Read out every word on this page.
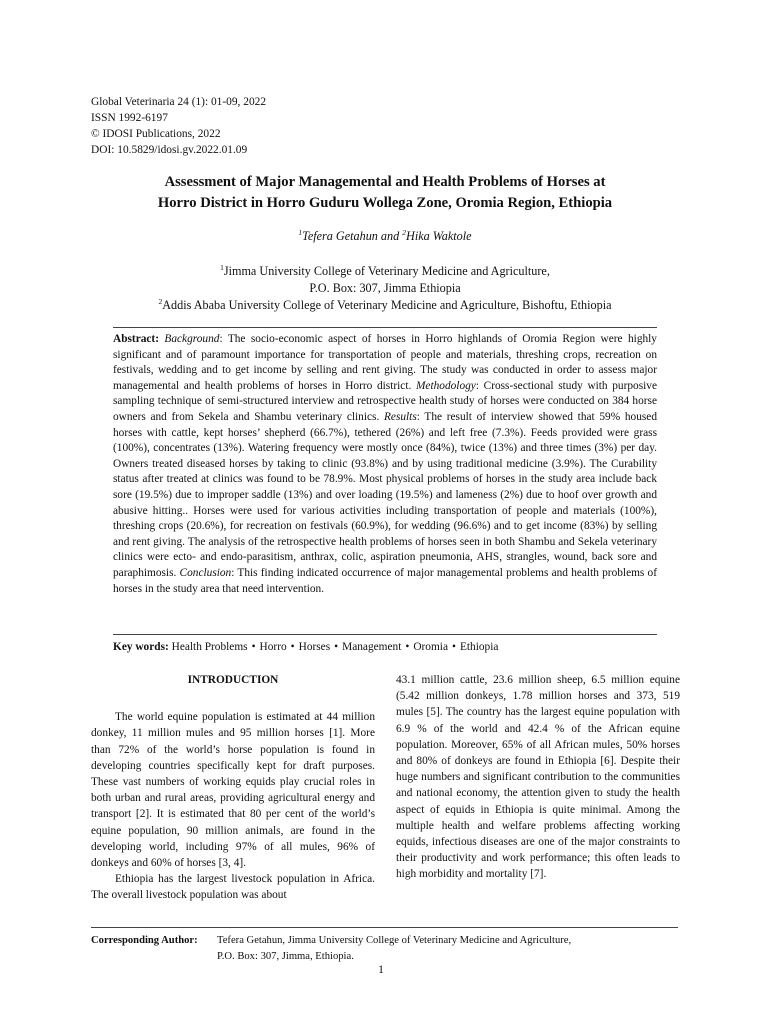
Global Veterinaria 24 (1): 01-09, 2022
ISSN 1992-6197
© IDOSI Publications, 2022
DOI: 10.5829/idosi.gv.2022.01.09
Assessment of Major Managemental and Health Problems of Horses at
Horro District in Horro Guduru Wollega Zone, Oromia Region, Ethiopia
$^1$Tefera Getahun and $^2$Hika Waktole
$^1$Jimma University College of Veterinary Medicine and Agriculture,
P.O. Box: 307, Jimma Ethiopia
$^2$Addis Ababa University College of Veterinary Medicine and Agriculture, Bishoftu, Ethiopia
Abstract: Background: The socio-economic aspect of horses in Horro highlands of Oromia Region were highly significant and of paramount importance for transportation of people and materials, threshing crops, recreation on festivals, wedding and to get income by selling and rent giving. The study was conducted in order to assess major managemental and health problems of horses in Horro district. Methodology: Cross-sectional study with purposive sampling technique of semi-structured interview and retrospective health study of horses were conducted on 384 horse owners and from Sekela and Shambu veterinary clinics. Results: The result of interview showed that 59% housed horses with cattle, kept horses’ shepherd (66.7%), tethered (26%) and left free (7.3%). Feeds provided were grass (100%), concentrates (13%). Watering frequency were mostly once (84%), twice (13%) and three times (3%) per day. Owners treated diseased horses by taking to clinic (93.8%) and by using traditional medicine (3.9%). The Curability status after treated at clinics was found to be 78.9%. Most physical problems of horses in the study area include back sore (19.5%) due to improper saddle (13%) and over loading (19.5%) and lameness (2%) due to hoof over growth and abusive hitting.. Horses were used for various activities including transportation of people and materials (100%), threshing crops (20.6%), for recreation on festivals (60.9%), for wedding (96.6%) and to get income (83%) by selling and rent giving. The analysis of the retrospective health problems of horses seen in both Shambu and Sekela veterinary clinics were ecto- and endo-parasitism, anthrax, colic, aspiration pneumonia, AHS, strangles, wound, back sore and paraphimosis. Conclusion: This finding indicated occurrence of major managemental problems and health problems of horses in the study area that need intervention.
Key words: Health Problems • Horro • Horses • Management • Oromia • Ethiopia

INTRODUCTION

The world equine population is estimated at 44 million donkey, 11 million mules and 95 million horses [1]. More than 72% of the world’s horse population is found in developing countries specifically kept for draft purposes. These vast numbers of working equids play crucial roles in both urban and rural areas, providing agricultural energy and transport [2]. It is estimated that 80 per cent of the world’s equine population, 90 million animals, are found in the developing world, including 97% of all mules, 96% of donkeys and 60% of horses [3, 4].

Ethiopia has the largest livestock population in Africa. The overall livestock population was about

43.1 million cattle, 23.6 million sheep, 6.5 million equine (5.42 million donkeys, 1.78 million horses and 373, 519 mules [5]. The country has the largest equine population with 6.9 % of the world and 42.4 % of the African equine population. Moreover, 65% of all African mules, 50% horses and 80% of donkeys are found in Ethiopia [6]. Despite their huge numbers and significant contribution to the communities and national economy, the attention given to study the health aspect of equids in Ethiopia is quite minimal. Among the multiple health and welfare problems affecting working equids, infectious diseases are one of the major constraints to their productivity and work performance; this often leads to high morbidity and mortality [7].

Corresponding Author: Tefera Getahun, Jimma University College of Veterinary Medicine and Agriculture,
P.O. Box: 307, Jimma, Ethiopia.
1
